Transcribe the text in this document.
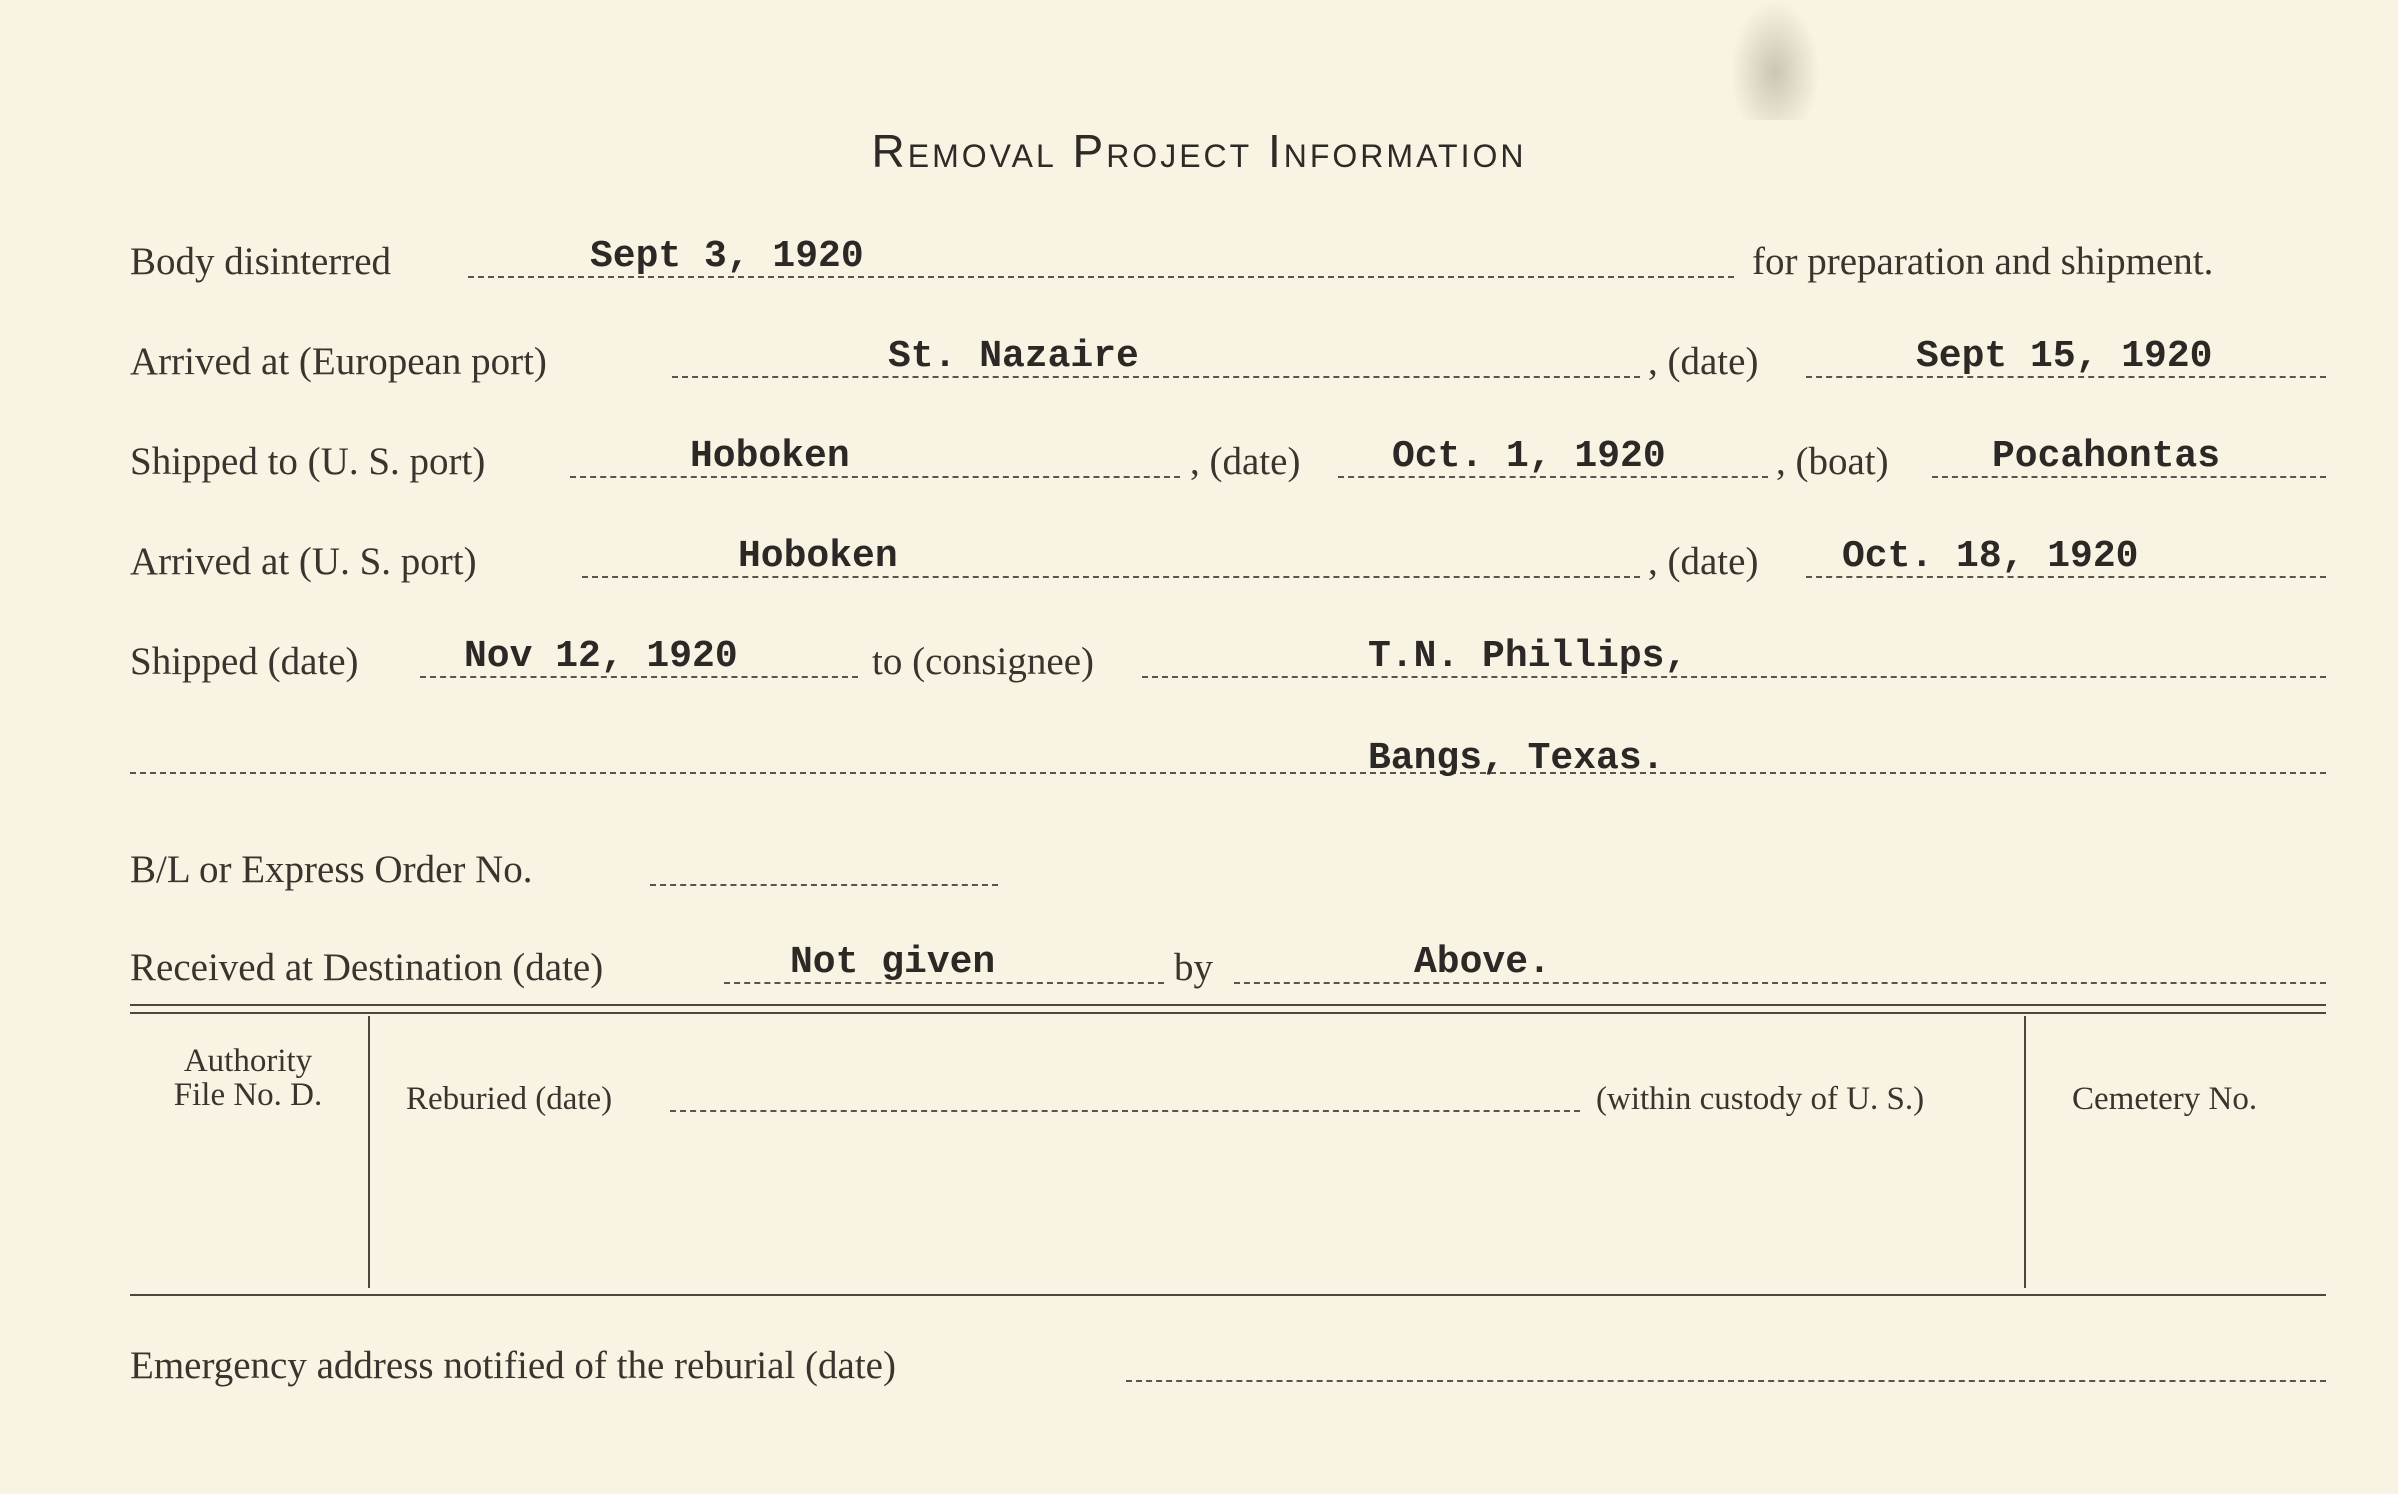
Removal Project Information
Body disinterred	Sept 3, 1920	for preparation and shipment.
Arrived at (European port)	St. Nazaire	, (date)	Sept 15, 1920
Shipped to (U. S. port)	Hoboken	, (date) Oct. 1, 1920	, (boat)	Pocahontas
Arrived at (U. S. port)	Hoboken	, (date) Oct. 18, 1920
Shipped (date)	Nov 12, 1920	to (consignee)	T.N. Phillips,
Bangs, Texas.
B/L or Express Order No.
Received at Destination (date)	Not given	by	Above.
Authority
File No. D.	Reburied (date)	(within custody of U. S.)	Cemetery No.
Emergency address notified of the reburial (date)
